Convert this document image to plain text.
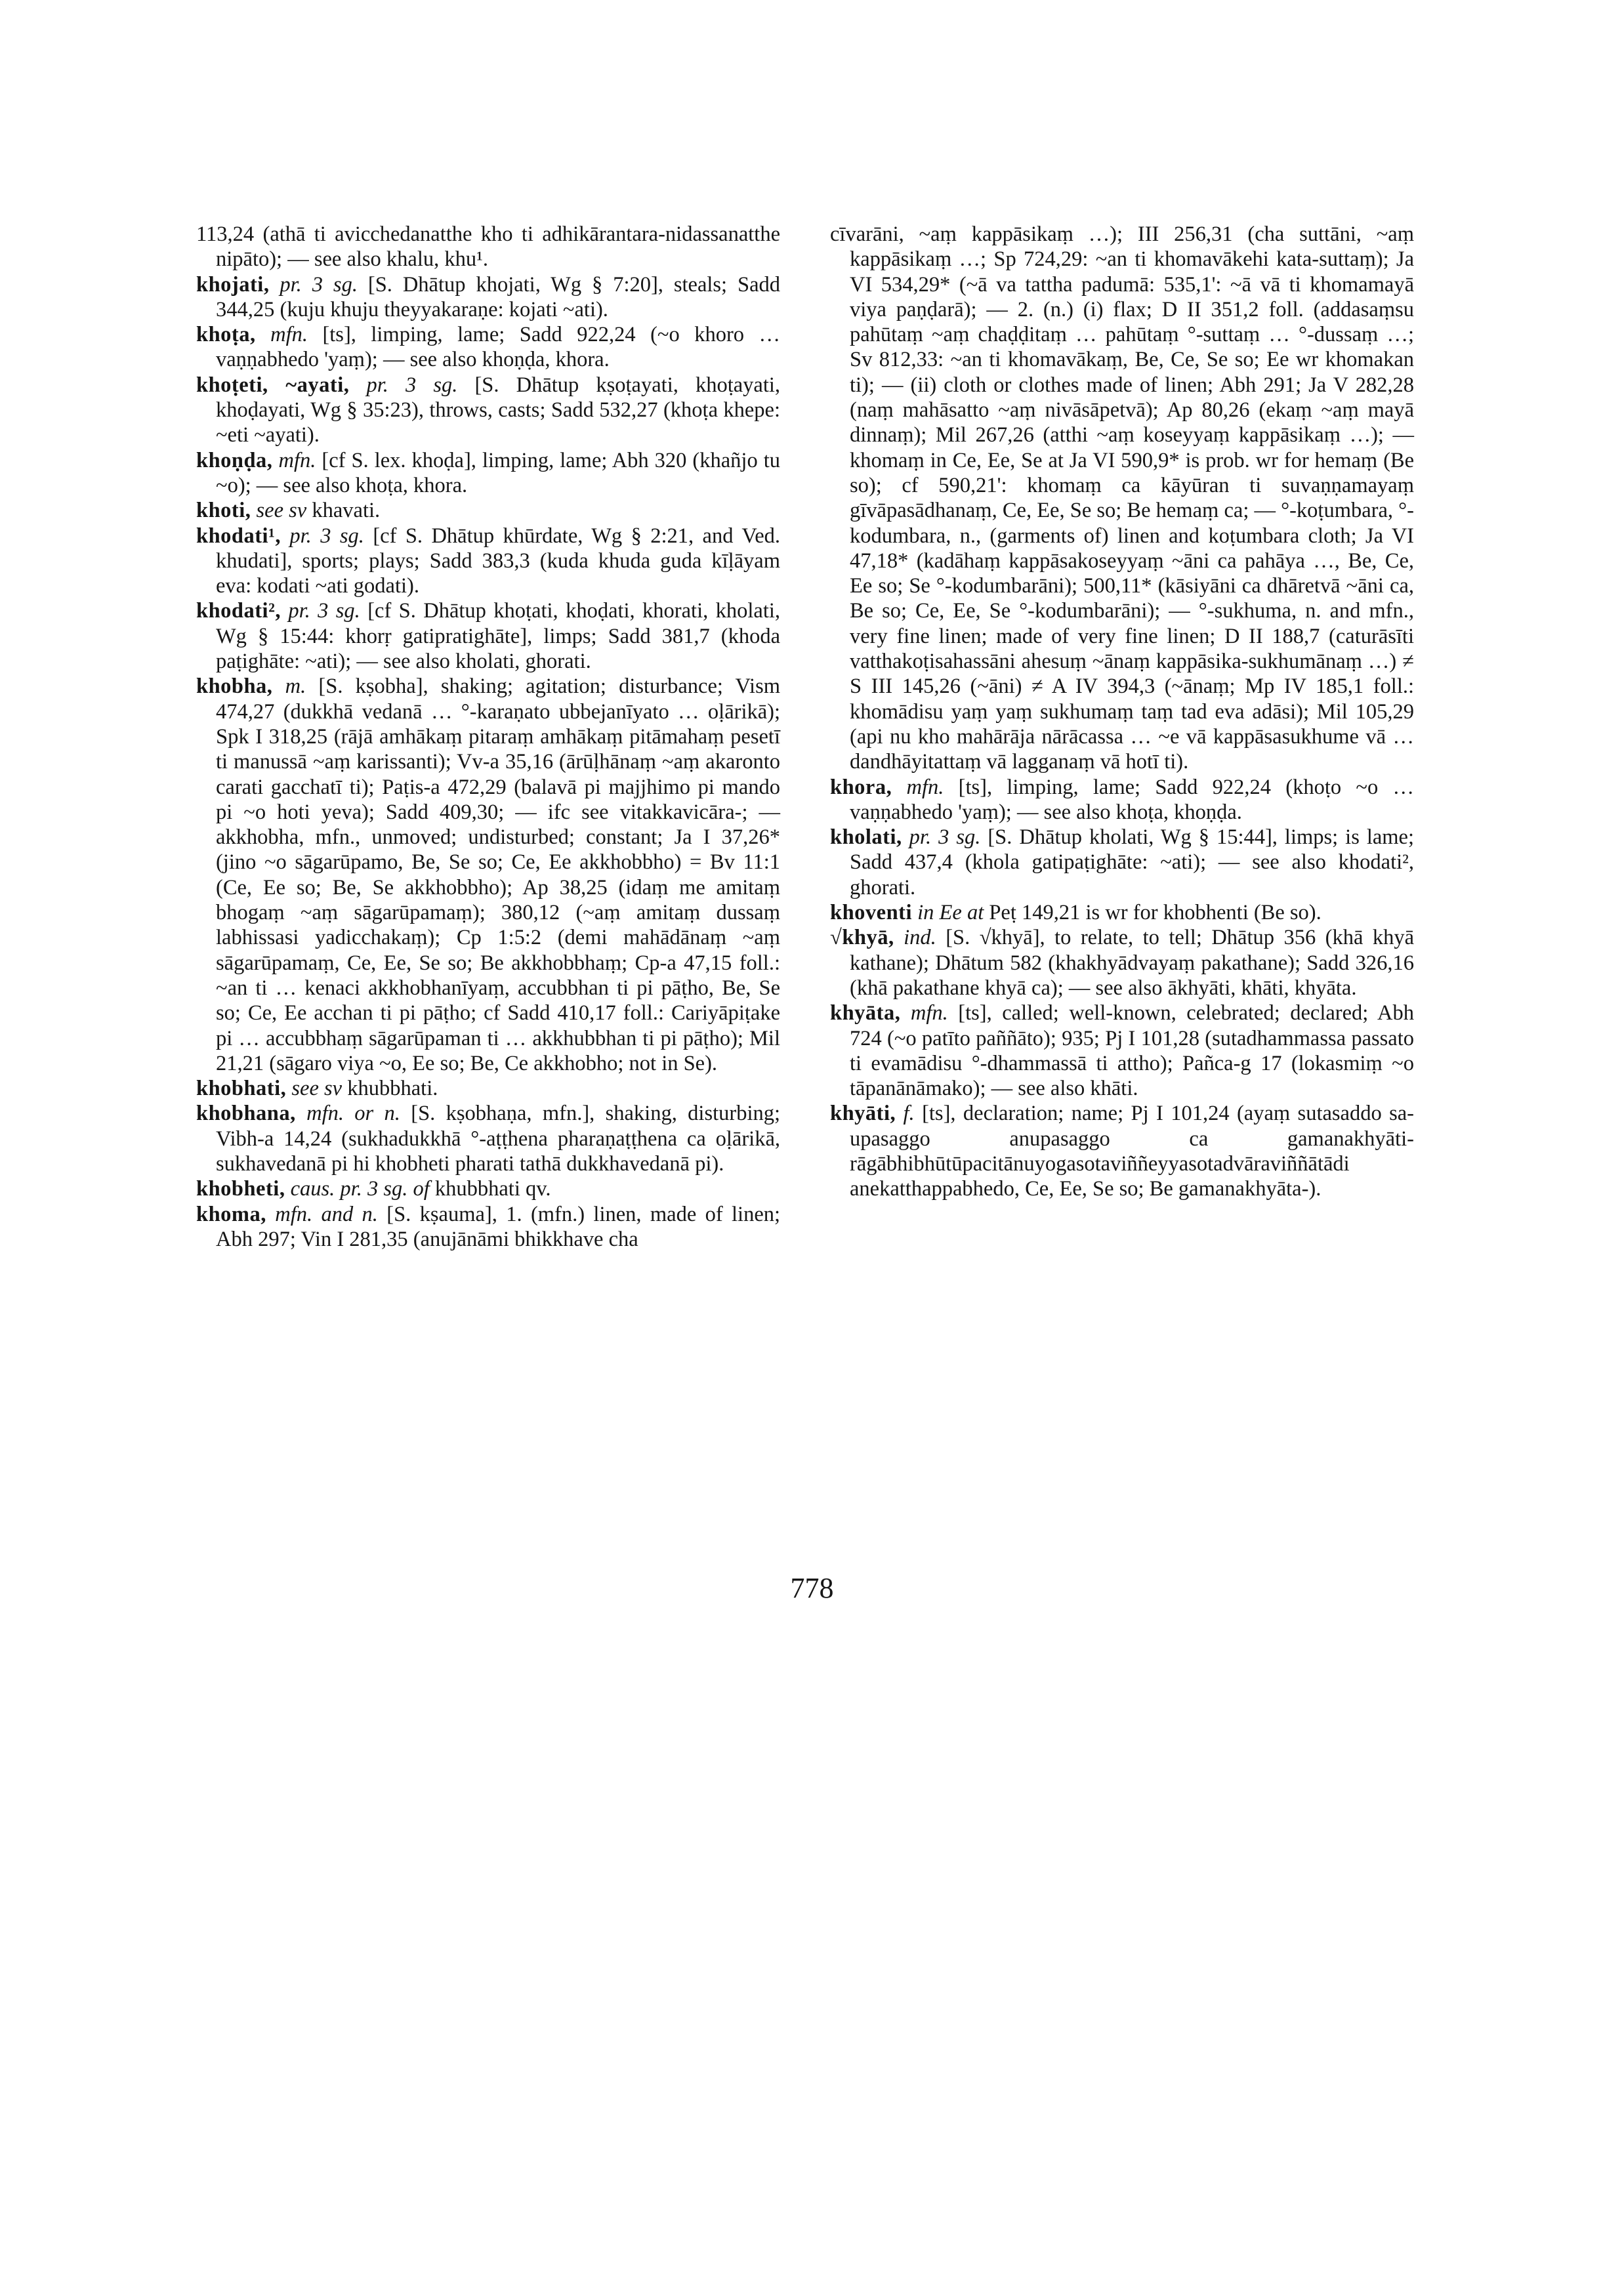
113,24 (athā ti avicchedanatthe kho ti adhikārantara-nidassanatthe nipāto); — see also khalu, khu¹.

khojati, pr. 3 sg. [S. Dhātup khojati, Wg § 7:20], steals; Sadd 344,25 (kuju khuju theyyakaraṇe: kojati ~ati).

khoṭa, mfn. [ts], limping, lame; Sadd 922,24 (~o khoro … vaṇṇabhedo 'yaṃ); — see also khoṇḍa, khora.

khoṭeti, ~ayati, pr. 3 sg. [S. Dhātup kṣoṭayati, khoṭayati, khoḍayati, Wg § 35:23), throws, casts; Sadd 532,27 (khoṭa khepe: ~eti ~ayati).

khoṇḍa, mfn. [cf S. lex. khoḍa], limping, lame; Abh 320 (khañjo tu ~o); — see also khoṭa, khora.

khoti, see sv khavati.

khodati¹, pr. 3 sg. [cf S. Dhātup khūrdate, Wg § 2:21, and Ved. khudati], sports; plays; Sadd 383,3 (kuda khuda guda kīḷāyam eva: kodati ~ati godati).

khodati², pr. 3 sg. [cf S. Dhātup khoṭati, khoḍati, khorati, kholati, Wg § 15:44: khorṛ gatipratighāte], limps; Sadd 381,7 (khoda paṭighāte: ~ati); — see also kholati, ghorati.

khobha, m. [S. kṣobha], shaking; agitation; disturbance; Vism 474,27 (dukkhā vedanā … °-karaṇato ubbejanīyato … oḷārikā); Spk I 318,25 (rājā amhākaṃ pitaraṃ amhākaṃ pitāmahaṃ pesetī ti manussā ~aṃ karissanti); Vv-a 35,16 (ārūḷhānaṃ ~aṃ akaronto carati gacchatī ti); Paṭis-a 472,29 (balavā pi majjhimo pi mando pi ~o hoti yeva); Sadd 409,30; — ifc see vitakkavicāra-; — akkhobha, mfn., unmoved; undisturbed; constant; Ja I 37,26* (jino ~o sāgarūpamo, Be, Se so; Ce, Ee akkhobbho) = Bv 11:1 (Ce, Ee so; Be, Se akkhobbho); Ap 38,25 (idaṃ me amitaṃ bhogaṃ ~aṃ sāgarūpamaṃ); 380,12 (~aṃ amitaṃ dussaṃ labhissasi yadicchakaṃ); Cp 1:5:2 (demi mahādānaṃ ~aṃ sāgarūpamaṃ, Ce, Ee, Se so; Be akkhobbhaṃ; Cp-a 47,15 foll.: ~an ti … kenaci akkhobhanīyaṃ, accubbhan ti pi pāṭho, Be, Se so; Ce, Ee acchan ti pi pāṭho; cf Sadd 410,17 foll.: Cariyāpiṭake pi … accubbhaṃ sāgarūpaman ti … akkhubbhan ti pi pāṭho); Mil 21,21 (sāgaro viya ~o, Ee so; Be, Ce akkhobho; not in Se).

khobhati, see sv khubbhati.

khobhana, mfn. or n. [S. kṣobhaṇa, mfn.], shaking, disturbing; Vibh-a 14,24 (sukhadukkhā °-aṭṭhena pharaṇaṭṭhena ca oḷārikā, sukhavedanā pi hi khobheti pharati tathā dukkhavedanā pi).

khobheti, caus. pr. 3 sg. of khubbhati qv.

khoma, mfn. and n. [S. kṣauma], 1. (mfn.) linen, made of linen; Abh 297; Vin I 281,35 (anujānāmi bhikkhave cha

cīvarāni, ~aṃ kappāsikaṃ …); III 256,31 (cha suttāni, ~aṃ kappāsikaṃ …; Sp 724,29: ~an ti khomavākehi kata-suttaṃ); Ja VI 534,29* (~ā va tattha padumā: 535,1': ~ā vā ti khomamayā viya paṇḍarā); — 2. (n.) (i) flax; D II 351,2 foll. (addasaṃsu pahūtaṃ ~aṃ chaḍḍitaṃ … pahūtaṃ °-suttaṃ … °-dussaṃ …; Sv 812,33: ~an ti khomavākaṃ, Be, Ce, Se so; Ee wr khomakan ti); — (ii) cloth or clothes made of linen; Abh 291; Ja V 282,28 (naṃ mahāsatto ~aṃ nivāsāpetvā); Ap 80,26 (ekaṃ ~aṃ mayā dinnaṃ); Mil 267,26 (atthi ~aṃ koseyyaṃ kappāsikaṃ …); — khomaṃ in Ce, Ee, Se at Ja VI 590,9* is prob. wr for hemaṃ (Be so); cf 590,21': khomaṃ ca kāyūran ti suvaṇṇamayaṃ gīvāpasādhanaṃ, Ce, Ee, Se so; Be hemaṃ ca; — °-koṭumbara, °-kodumbara, n., (garments of) linen and koṭumbara cloth; Ja VI 47,18* (kadāhaṃ kappāsakoseyyaṃ ~āni ca pahāya …, Be, Ce, Ee so; Se °-kodumbarāni); 500,11* (kāsiyāni ca dhāretvā ~āni ca, Be so; Ce, Ee, Se °-kodumbarāni); — °-sukhuma, n. and mfn., very fine linen; made of very fine linen; D II 188,7 (caturāsīti vatthakoṭisahassāni ahesuṃ ~ānaṃ kappāsika-sukhumānaṃ …) ≠ S III 145,26 (~āni) ≠ A IV 394,3 (~ānaṃ; Mp IV 185,1 foll.: khomādisu yaṃ yaṃ sukhumaṃ taṃ tad eva adāsi); Mil 105,29 (api nu kho mahārāja nārācassa … ~e vā kappāsasukhume vā … dandhāyitattaṃ vā lagganaṃ vā hotī ti).

khora, mfn. [ts], limping, lame; Sadd 922,24 (khoṭo ~o … vaṇṇabhedo 'yaṃ); — see also khoṭa, khoṇḍa.

kholati, pr. 3 sg. [S. Dhātup kholati, Wg § 15:44], limps; is lame; Sadd 437,4 (khola gatipaṭighāte: ~ati); — see also khodati², ghorati.

khoventi in Ee at Peṭ 149,21 is wr for khobhenti (Be so).

√khyā, ind. [S. √khyā], to relate, to tell; Dhātup 356 (khā khyā kathane); Dhātum 582 (khakhyādvayaṃ pakathane); Sadd 326,16 (khā pakathane khyā ca); — see also ākhyāti, khāti, khyāta.

khyāta, mfn. [ts], called; well-known, celebrated; declared; Abh 724 (~o patīto paññāto); 935; Pj I 101,28 (sutadhammassa passato ti evamādisu °-dhammassā ti attho); Pañca-g 17 (lokasmiṃ ~o tāpanānāmako); — see also khāti.

khyāti, f. [ts], declaration; name; Pj I 101,24 (ayaṃ sutasaddo sa-upasaggo anupasaggo ca gamanakhyāti-rāgābhibhūtūpacitānuyogasotaviññeyyasotadvāraviññātādi anekatthappabhedo, Ce, Ee, Se so; Be gamanakhyāta-).

778
